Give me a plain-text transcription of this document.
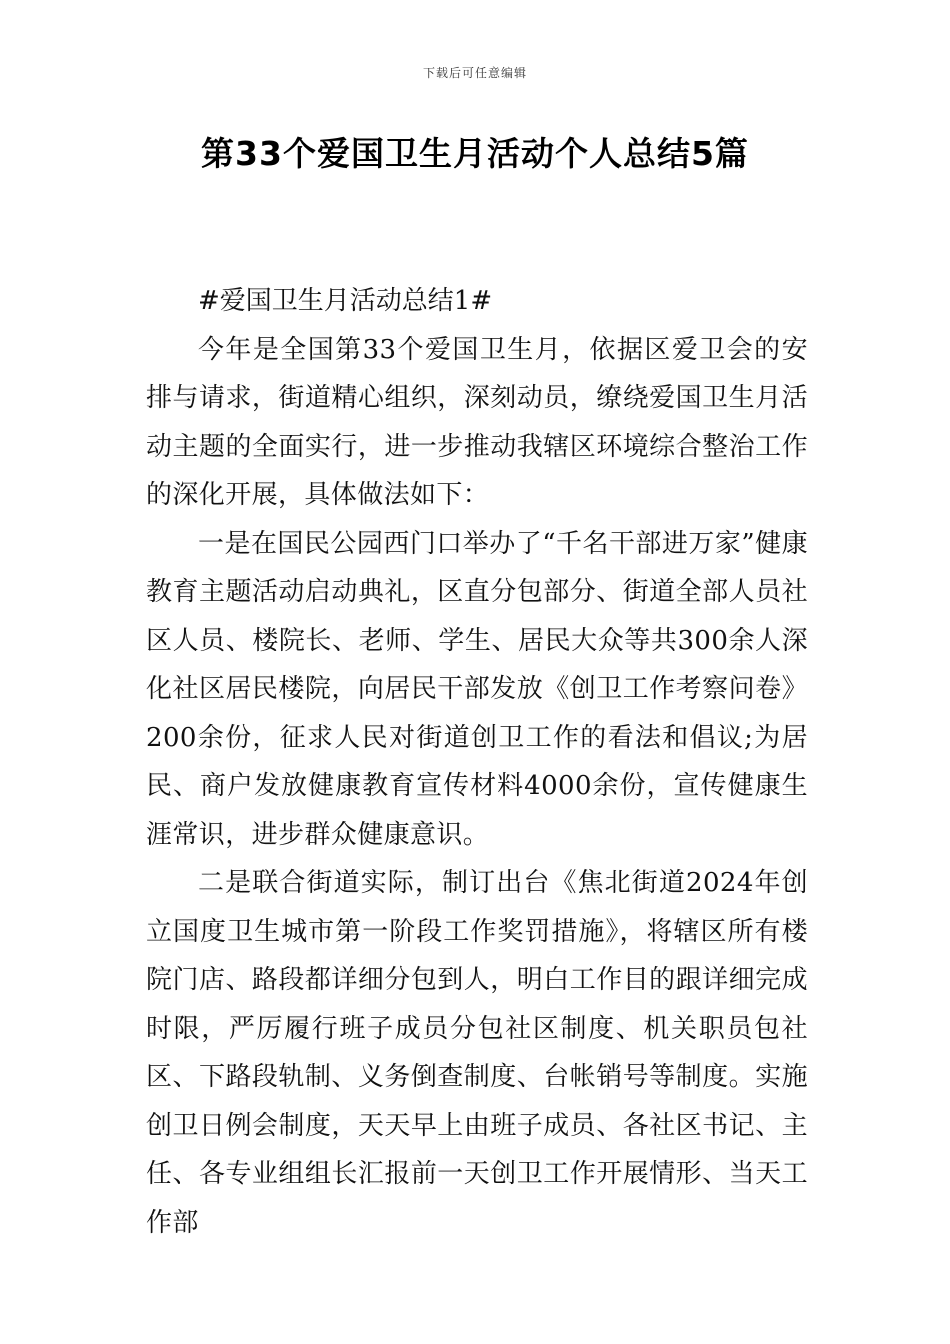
下载后可任意编辑
第33个爱国卫生月活动个人总结5篇

#爱国卫生月活动总结1#

今年是全国第33个爱国卫生月，依据区爱卫会的安排与请求，街道精心组织，深刻动员，缭绕爱国卫生月活动主题的全面实行，进一步推动我辖区环境综合整治工作的深化开展，具体做法如下：

一是在国民公园西门口举办了“千名干部进万家”健康教育主题活动启动典礼，区直分包部分、街道全部人员社区人员、楼院长、老师、学生、居民大众等共300余人深化社区居民楼院，向居民干部发放《创卫工作考察问卷》200余份，征求人民对街道创卫工作的看法和倡议;为居民、商户发放健康教育宣传材料4000余份，宣传健康生涯常识，进步群众健康意识。

二是联合街道实际，制订出台《焦北街道2024年创立国度卫生城市第一阶段工作奖罚措施》，将辖区所有楼院门店、路段都详细分包到人，明白工作目的跟详细完成时限，严厉履行班子成员分包社区制度、机关职员包社区、下路段轨制、义务倒查制度、台帐销号等制度。实施创卫日例会制度，天天早上由班子成员、各社区书记、主任、各专业组组长汇报前一天创卫工作开展情形、当天工作部
